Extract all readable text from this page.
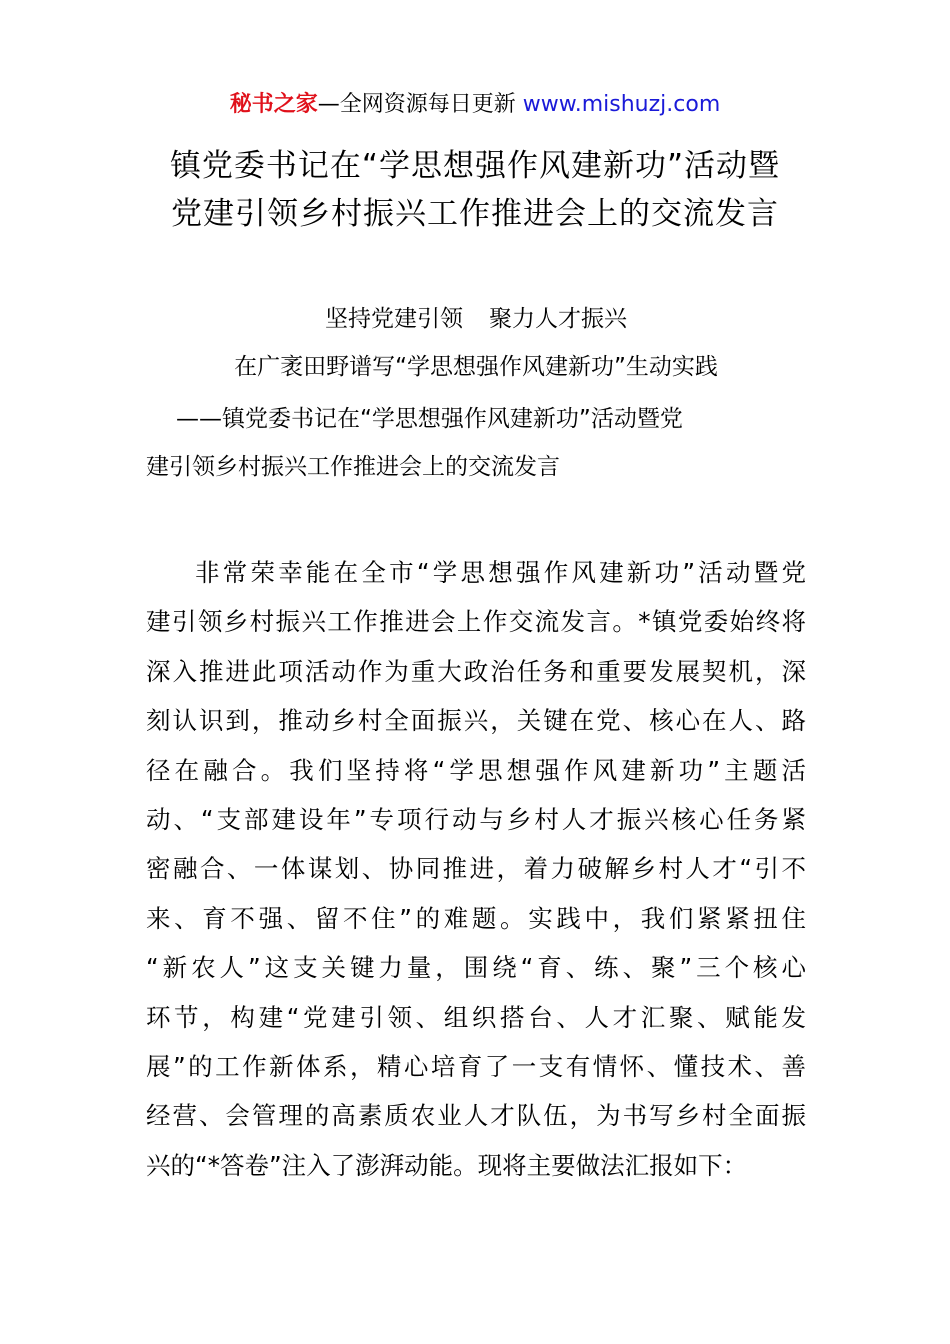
秘书之家—全网资源每日更新 www.mishuzj.com
镇党委书记在“学思想强作风建新功”活动暨
党建引领乡村振兴工作推进会上的交流发言
坚持党建引领 聚力人才振兴
在广袤田野谱写“学思想强作风建新功”生动实践
——镇党委书记在“学思想强作风建新功”活动暨党
建引领乡村振兴工作推进会上的交流发言
非常荣幸能在全市“学思想强作风建新功”活动暨党
建引领乡村振兴工作推进会上作交流发言。*镇党委始终将
深入推进此项活动作为重大政治任务和重要发展契机，深
刻认识到，推动乡村全面振兴，关键在党、核心在人、路
径在融合。我们坚持将“学思想强作风建新功”主题活
动、“支部建设年”专项行动与乡村人才振兴核心任务紧
密融合、一体谋划、协同推进，着力破解乡村人才“引不
来、育不强、留不住”的难题。实践中，我们紧紧扭住
“新农人”这支关键力量，围绕“育、练、聚”三个核心
环节，构建“党建引领、组织搭台、人才汇聚、赋能发
展”的工作新体系，精心培育了一支有情怀、懂技术、善
经营、会管理的高素质农业人才队伍，为书写乡村全面振
兴的“*答卷”注入了澎湃动能。现将主要做法汇报如下：
